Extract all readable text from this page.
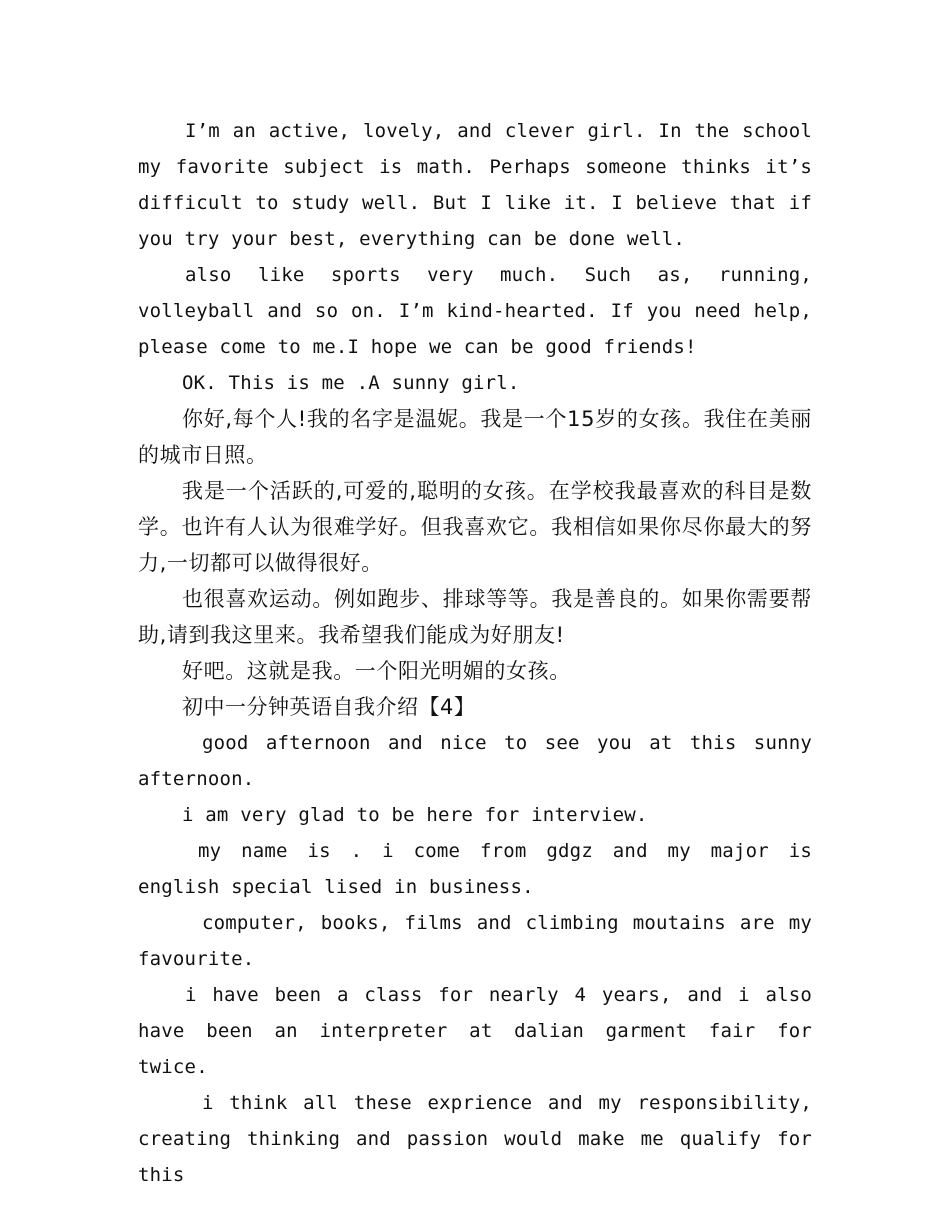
I’m an active, lovely, and clever girl. In the school my favorite subject is math. Perhaps someone thinks it’s difficult to study well. But I like it. I believe that if you try your best, everything can be done well.

also like sports very much. Such as, running, volleyball and so on. I’m kind-hearted. If you need help, please come to me.I hope we can be good friends!

OK. This is me .A sunny girl.

你好,每个人!我的名字是温妮。我是一个15岁的女孩。我住在美丽的城市日照。

我是一个活跃的,可爱的,聪明的女孩。在学校我最喜欢的科目是数学。也许有人认为很难学好。但我喜欢它。我相信如果你尽你最大的努力,一切都可以做得很好。

也很喜欢运动。例如跑步、排球等等。我是善良的。如果你需要帮助,请到我这里来。我希望我们能成为好朋友!

好吧。这就是我。一个阳光明媚的女孩。

初中一分钟英语自我介绍【4】

good afternoon and nice to see you at this sunny afternoon.

i am very glad to be here for interview.

my name is . i come from gdgz and my major is english special lised in business.

computer, books, films and climbing moutains are my favourite.

i have been a class for nearly 4 years, and i also have been an interpreter at dalian garment fair for twice.

i think all these exprience and my responsibility, creating thinking and passion would make me qualify for this
